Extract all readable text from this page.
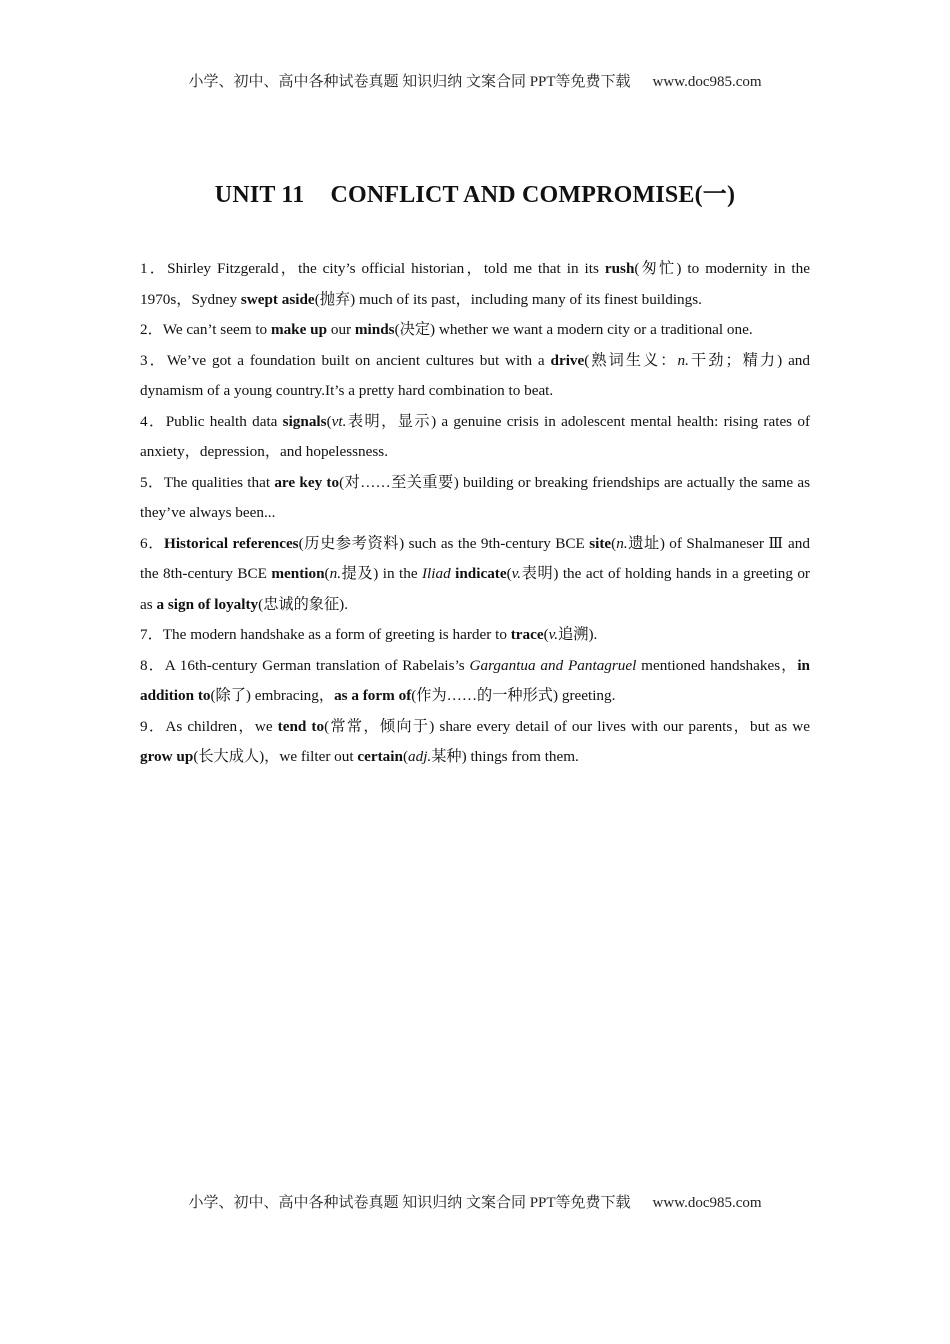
小学、初中、高中各种试卷真题 知识归纳 文案合同 PPT等免费下载 www.doc985.com
UNIT 11 CONFLICT AND COMPROMISE(一)

1．Shirley Fitzgerald，the city’s official historian，told me that in its rush(匆忙) to modernity in the 1970s，Sydney swept aside(抛弃) much of its past，including many of its finest buildings.

2．We can’t seem to make up our minds(决定) whether we want a modern city or a traditional one.

3．We’ve got a foundation built on ancient cultures but with a drive(熟词生义：n.干劲；精力) and dynamism of a young country.It’s a pretty hard combination to beat.

4．Public health data signals(vt.表明，显示) a genuine crisis in adolescent mental health: rising rates of anxiety，depression，and hopelessness.

5．The qualities that are key to(对……至关重要) building or breaking friendships are actually the same as they’ve always been...

6．Historical references(历史参考资料) such as the 9th-century BCE site(n.遗址) of Shalmaneser Ⅲ and the 8th-century BCE mention(n.提及) in the Iliad indicate(v.表明) the act of holding hands in a greeting or as a sign of loyalty(忠诚的象征).

7．The modern handshake as a form of greeting is harder to trace(v.追溯).

8．A 16th-century German translation of Rabelais’s Gargantua and Pantagruel mentioned handshakes，in addition to(除了) embracing，as a form of(作为……的一种形式) greeting.

9．As children，we tend to(常常，倾向于) share every detail of our lives with our parents，but as we grow up(长大成人)，we filter out certain(adj.某种) things from them.

小学、初中、高中各种试卷真题 知识归纳 文案合同 PPT等免费下载 www.doc985.com
